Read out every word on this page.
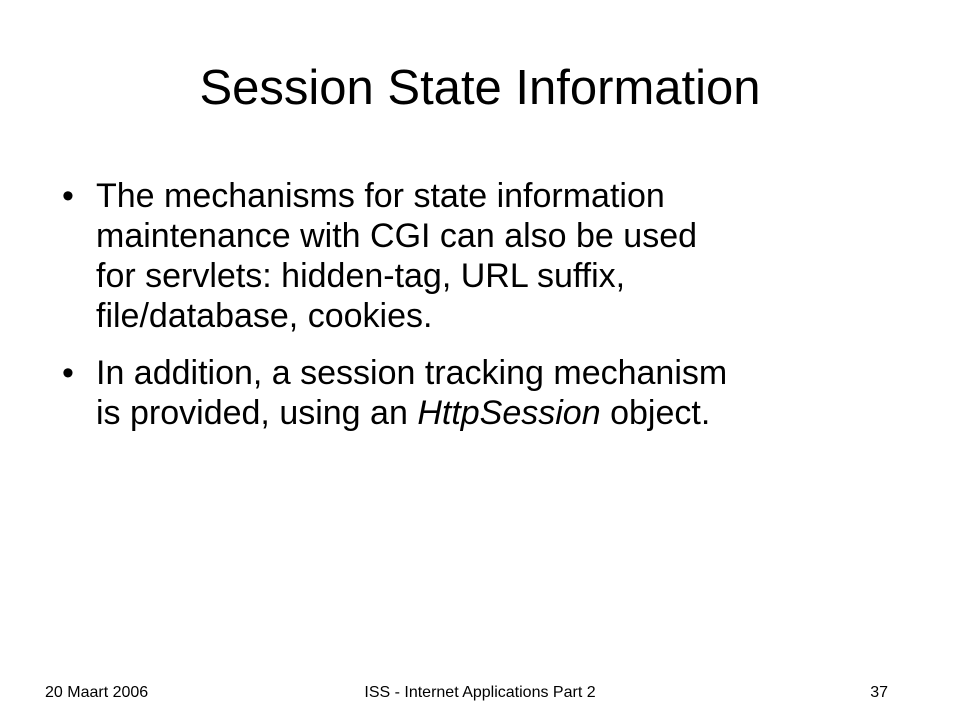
Session State Information
• The mechanisms for state information
maintenance with CGI can also be used
for servlets: hidden-tag, URL suffix,
file/database, cookies.
• In addition, a session tracking mechanism
is provided, using an HttpSession object.
20 Maart 2006	ISS - Internet Applications Part 2	37
